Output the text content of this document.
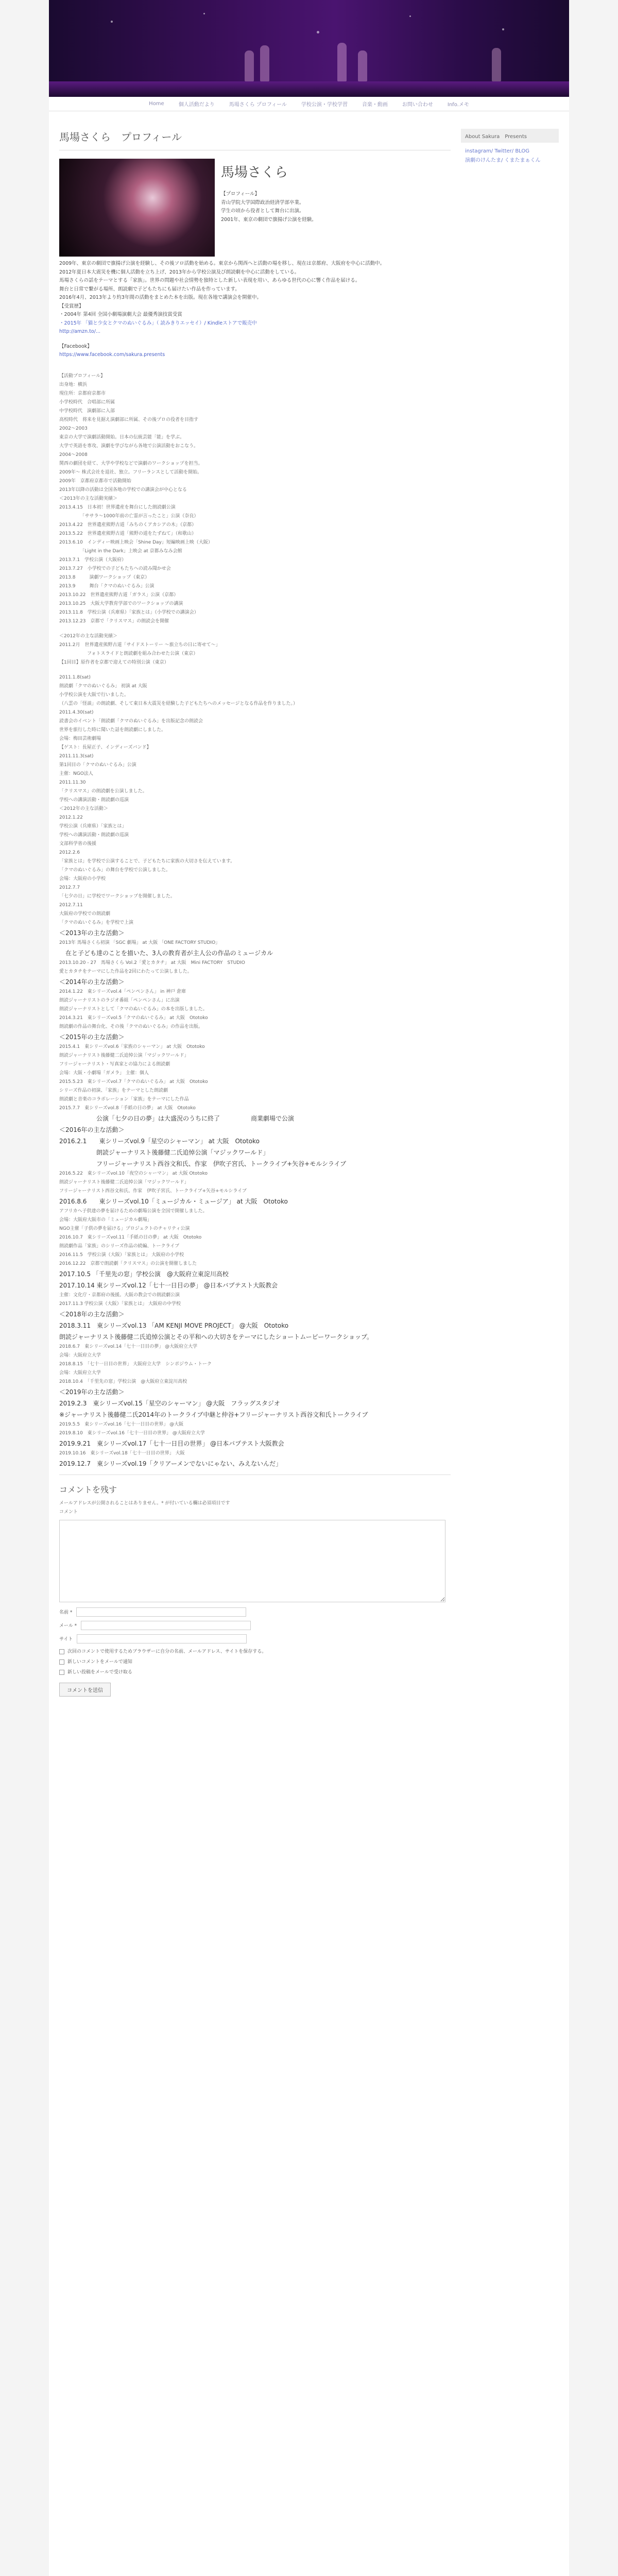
Home	個人活動だより	馬場さくら プロフィール	学校公演・学校学習	音楽・動画	お問い合わせ	Info.メモ
馬場さくら　プロフィール
馬場さくら
【プロフィール】
青山学院大学国際政治経済学部卒業。
学生の頃から役者として舞台に出演。
2001年、東京の劇団で旗揚げ公演を経験。
2009年、東京の劇団で旗揚げ公演を経験し、その後ソロ活動を始める。東京から関西へと活動の場を移し、現在は京都府、大阪府を中心に活動中。
2012年夏日本大震災を機に個人活動を立ち上げ、2013年から学校公演及び朗読劇を中心に活動をしている。
馬場さくらの話をテーマとする「家族」。世界の問題や社会情勢を独特とした新しい表現を用い、あらゆる世代の心に響く作品を届ける。
舞台と日常で繋がる場所、朗読劇で子どもたちにも届けたい作品を作っています。
2016年4月、2013年より約3年間の活動をまとめた本を出版。現在各地で講演会を開催中。
【受賞歴】
・2004年 第4回 全国小劇場演劇大会 最優秀演技賞受賞
・2015年 「猫と少女とクマのぬいぐるみ」（ 読みきりエッセイ）/ Kindleストアで販売中
http://amzn.to/...
【Facebook】
https://www.facebook.com/sakura.presents
【活動プロフィール】
出身地：横浜
現住所：京都府京都市
小学校時代　合唱部に所属
中学校時代　演劇部に入部
高校時代　将来を見据え演劇部に所属、その後プロの役者を目指す
2002～2003
東京の大学で演劇活動開始。日本の伝統芸能「能」を学ぶ。
大学で英語を専攻、演劇を学びながら各地で公演活動をおこなう。
2004～2008
関西の劇団を経て、大学や学校などで演劇のワークショップを担当。
2009年～ 株式会社を退社、独立。フリーランスとして活動を開始。
2009年　京都府京都市で活動開始
2013年以降の活動は全国各地の学校での講演会が中心となる
＜2013年の主な活動実績＞
2013.4.15　日本初！世界遺産を舞台にした朗読劇公演
　　　　　「ササラ～1000年前の亡霊が言ったこと」公演（奈良）
2013.4.22　世界遺産熊野古道「みちのくアカシアの木」（京都）
2013.5.22　世界遺産熊野古道「熊野の道をたずねて」（和歌山）
2013.6.10　インディー映画上映会「Shine Day」短編映画上映（大阪）
　　　　　「Light in the Dark」上映会 at 京都みなみ会館
2013.7.1　学校公演（大阪府）
2013.7.27　小学校での子どもたちへの読み聞かせ会
2013.8　　　演劇ワークショップ（東京）
2013.9　　　舞台「クマのぬいぐるみ」公演
2013.10.22　世界遺産熊野古道「ガラス」公演（京都）
2013.10.25　大阪大学教育学部でのワークショップの講演
2013.11.8　学校公演（兵庫県）「家族とは」（小学校での講演会）
2013.12.23　京都で「クリスマス」の朗読会を開催
＜2012年の主な活動実績＞
2011.2月　世界遺産熊野古道「サイドストーリー ～旅立ちの日に寄せて～」
　　　　　　フォトスライドと朗読劇を組み合わせた公演（東京）
【1回目】原作者を京都で迎えての特別公演（東京）
2011.1.8(sat)
朗読劇「クマのぬいぐるみ」 初演 at 大阪
小学校公演を大阪で行いました。
（八雲の「怪談」の朗読劇、そして東日本大震災を経験した子どもたちへのメッセージとなる作品を作りました。）
2011.4.30(sat)
読書会のイベント「朗読劇「クマのぬいぐるみ」を出版記念の朗読会
世界を旅行した時に聞いた話を朗読劇にしました。
会場：梅田芸術劇場
【ゲスト：長屋正子、インディーズバンド】
2011.11.3(sat)
第1回目の「クマのぬいぐるみ」公演
主催：NGO法人
2011.11.30
「クリスマス」の朗読劇を公演しました。
学校への講演活動・朗読劇の巡演
＜2012年の主な活動＞
2012.1.22
学校公演（兵庫県）「家族とは」
学校への講演活動・朗読劇の巡演
文部科学省の後援
2012.2.6
「家族とは」を学校で公演することで、子どもたちに家族の大切さを伝えています。
「クマのぬいぐるみ」の舞台を学校で公演しました。
会場：大阪府の小学校
2012.7.7
「七夕の日」に学校でワークショップを開催しました。
2012.7.11
大阪府の学校での朗読劇
「クマのぬいぐるみ」を学校で上演
＜2013年の主な活動＞
2013年 馬場さくら初演 「SGC 劇場」 at 大阪 「ONE FACTORY STUDIO」
　在と子ども達のことを描いた、3人の教育者が主人公の作品のミュージカル
2013.10.20 - 27　馬場さくら Vol.2「愛とカタチ」 at 大阪　Mini FACTORY　STUDIO
愛とカタチをテーマにした作品を2回にわたって公演しました。
＜2014年の主な活動＞
2014.1.22　東シリーズvol.4「ペンペンさん」 in 神戸 倉庫
朗読ジャーナリストのラジオ番組「ペンペンさん」に出演
朗読ジャーナリストとして「クマのぬいぐるみ」の本を出版しました。
2014.3.21　東シリーズvol.5「クマのぬいぐるみ」 at 大阪　Ototoko
朗読劇の作品の舞台化、その後「クマのぬいぐるみ」の作品を出版。
＜2015年の主な活動＞
2015.4.1　東シリーズvol.6「家族のシャーマン」 at 大阪　Ototoko
朗読ジャーナリスト後藤健二氏追悼公演「マジックワールド」
フリージャーナリスト・写真家との協力による朗読劇
会場：大阪・小劇場「ガメラ」 主催：個人
2015.5.23　東シリーズvol.7「クマのぬいぐるみ」 at 大阪　Ototoko
シリーズ作品の初演、「家族」をテーマとした朗読劇
朗読劇と音楽のコラボレーション「家族」をテーマにした作品
2015.7.7　東シリーズvol.8「手紙の日の夢」 at 大阪　Ototoko
　　　　　　公演「七夕の日の夢」は大盛況のうちに終了　　　　　商業劇場で公演
＜2016年の主な活動＞
2016.2.1　　東シリーズvol.9「星空のシャーマン」 at 大阪　Ototoko
　　　　　　朗読ジャーナリスト後藤健二氏追悼公演「マジックワールド」
　　　　　　フリージャーナリスト西谷文和氏、作家　伊吹子宮氏、トークライブ+矢谷+モルシライブ
2016.5.22　東シリーズvol.10「夜空のシャーマン」 at 大阪 Ototoko
朗読ジャーナリスト後藤健二氏追悼公演「マジックワールド」
フリージャーナリスト西谷文和氏、作家　伊吹子宮氏、トークライブ+矢谷+モルシライブ
2016.8.6　　東シリーズvol.10「ミュージカル・ミュージア」 at 大阪　Ototoko
アフリカへ子供達の夢を届けるための劇場公演を全国で開催しました。
会場：大阪府大阪市の「ミュージカル劇場」
NGO主催「子供の夢を届ける」プロジェクトのチャリティ公演
2016.10.7　東シリーズvol.11「手紙の日の夢」 at 大阪　Ototoko
朗読劇作品「家族」のシリーズ作品の続編、トークライブ
2016.11.5　学校公演（大阪）「家族とは」 大阪府の小学校
2016.12.22　京都で朗読劇「クリスマス」の公演を開催しました
2017.10.5 「千里先の窓」学校公演　@大阪府立東淀川高校
2017.10.14 東シリーズvol.12「七十一日目の夢」 @日本バプテスト大阪教会
主催：文化庁・京都府の後援。大阪の教会での朗読劇公演
2017.11.3 学校公演（大阪）「家族とは」 大阪府の中学校
＜2018年の主な活動＞
2018.3.11　東シリーズvol.13 「AM KENJI MOVE PROJECT」 @大阪　Ototoko
朗読ジャーナリスト後藤健二氏追悼公演とその平和への大切さをテーマにしたショートムービーワークショップ。
2018.6.7　東シリーズvol.14「七十一日目の夢」 @大阪府立大学
会場：大阪府立大学
2018.8.15　「七十一日目の世界」 大阪府立大学　シンポジウム・トーク
会場：大阪府立大学
2018.10.4　「千里先の窓」学校公演　@大阪府立東淀川高校
＜2019年の主な活動＞
2019.2.3　東シリーズvol.15「星空のシャーマン」 @大阪　フラッグスタジオ
※ジャーナリスト後藤健二氏2014年のトークライブ中継と仲谷+フリージャーナリスト西谷文和氏トークライブ
2019.5.5　東シリーズvol.16「七十一日目の世界」 @大阪
2019.8.10　東シリーズvol.16「七十一日目の世界」 @大阪府立大学
2019.9.21　東シリーズvol.17「七十一日目の世界」 @日本バプテスト大阪教会
2019.10.16　東シリーズvol.18「七十一日目の世界」 大阪
2019.12.7　東シリーズvol.19「クリアーメンでないにゃない、みえないんだ」
コメントを残す
メールアドレスが公開されることはありません。* が付いている欄は必須項目です
コメント
名前 *
メール *
サイト
次回のコメントで使用するためブラウザーに自分の名前、メールアドレス、サイトを保存する。
新しいコメントをメールで通知
新しい投稿をメールで受け取る
コメントを送信
About Sakura　Presents
instagram/ Twitter/ BLOG
演劇のけんたま/ くまたまぁくん
